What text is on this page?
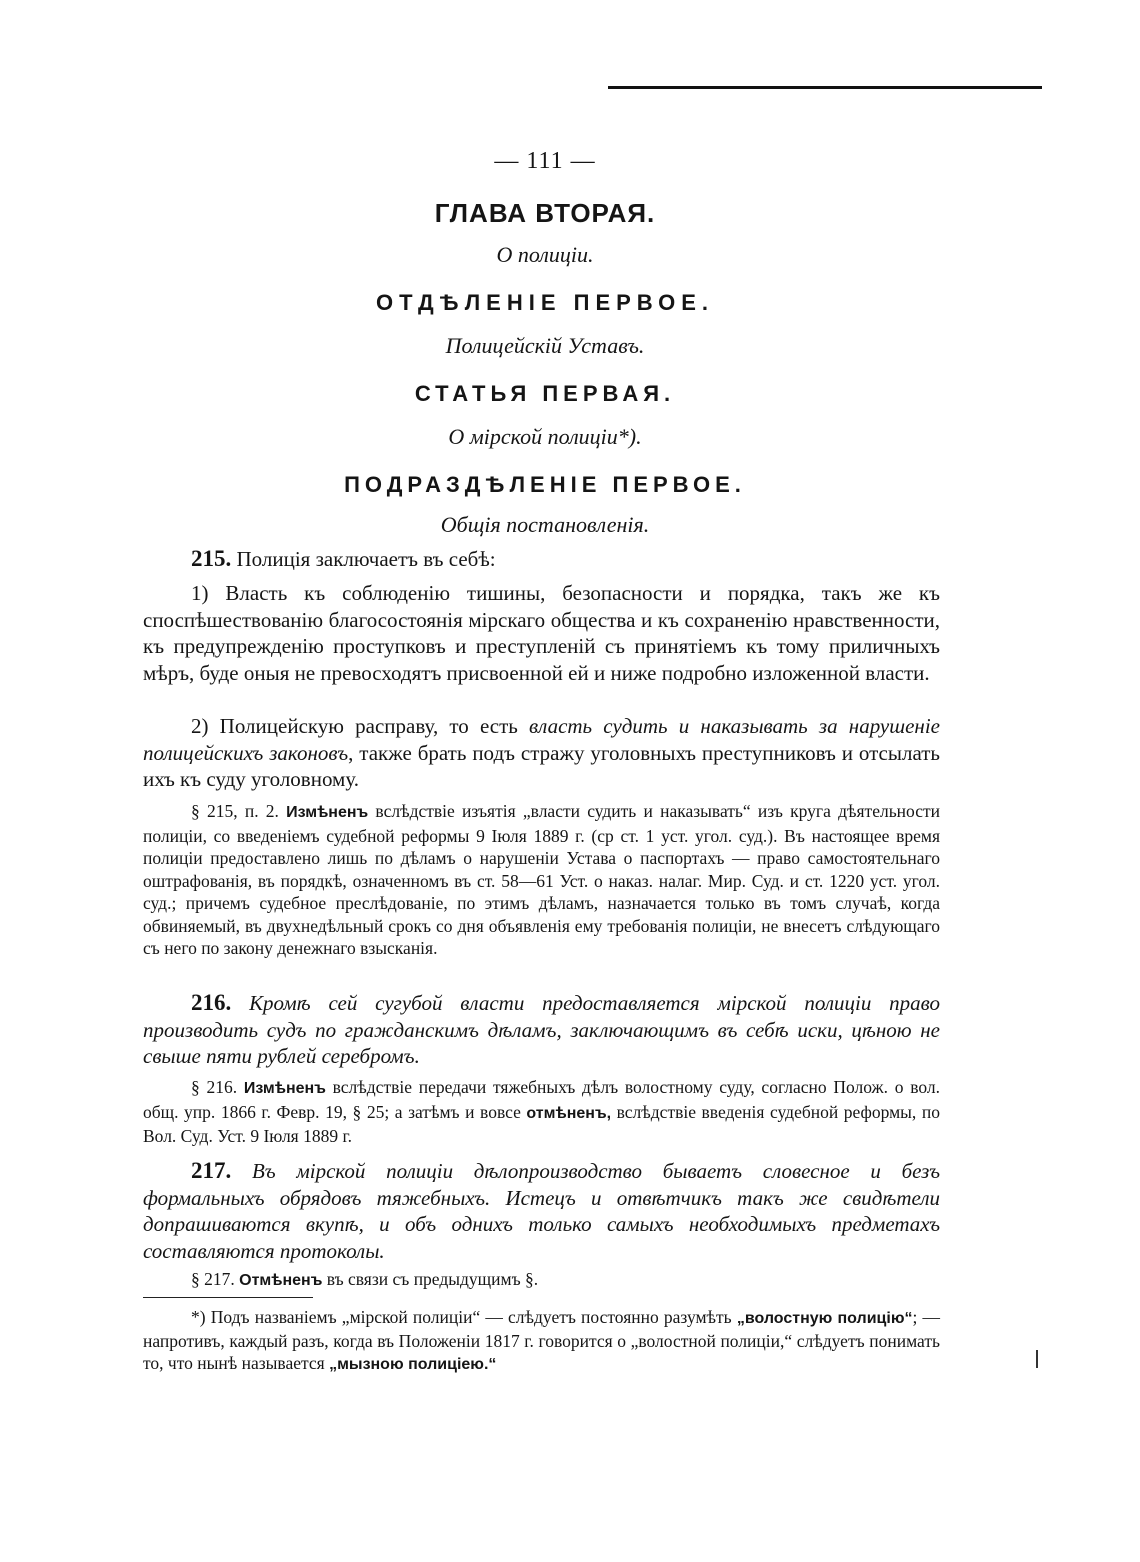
— 111 —
ГЛАВА ВТОРАЯ.
О полиціи.
ОТДѢЛЕНІЕ ПЕРВОЕ.
Полицейскій Уставъ.
СТАТЬЯ ПЕРВАЯ.
О мірской полиціи*).
ПОДРАЗДѢЛЕНІЕ ПЕРВОЕ.
Общія постановленія.

215. Полиція заключаетъ въ себѣ:

1) Власть къ соблюденію тишины, безопасности и порядка, такъ же къ споспѣшествованію благосостоянія мірскаго общества и къ сохраненію нравственности, къ предупрежденію проступковъ и преступленій съ принятіемъ къ тому приличныхъ мѣръ, буде оныя не превосходятъ присвоенной ей и ниже подробно изложенной власти.

2) Полицейскую расправу, то есть власть судить и наказывать за нарушеніе полицейскихъ законовъ, также брать подъ стражу уголовныхъ преступниковъ и отсылать ихъ къ суду уголовному.

§ 215, п. 2. Измѣненъ вслѣдствіе изъятія „власти судить и наказывать“ изъ круга дѣятельности полиціи, со введеніемъ судебной реформы 9 Іюля 1889 г. (ср ст. 1 уст. угол. суд.). Въ настоящее время полиціи предоставлено лишь по дѣламъ о нарушеніи Устава о паспортахъ — право самостоятельнаго оштрафованія, въ порядкѣ, означенномъ въ ст. 58—61 Уст. о наказ. налаг. Мир. Суд. и ст. 1220 уст. угол. суд.; причемъ судебное преслѣдованіе, по этимъ дѣламъ, назначается только въ томъ случаѣ, когда обвиняемый, въ двухнедѣльный срокъ со дня объявленія ему требованія полиціи, не внесетъ слѣдующаго съ него по закону денежнаго взысканія.

216. Кромѣ сей сугубой власти предоставляется мірской полиціи право производить судъ по гражданскимъ дѣламъ, заключающимъ въ себѣ иски, цѣною не свыше пяти рублей серебромъ.

§ 216. Измѣненъ вслѣдствіе передачи тяжебныхъ дѣлъ волостному суду, согласно Полож. о вол. общ. упр. 1866 г. Февр. 19, § 25; а затѣмъ и вовсе отмѣненъ, вслѣдствіе введенія судебной реформы, по Вол. Суд. Уст. 9 Іюля 1889 г.

217. Въ мірской полиціи дѣлопроизводство бываетъ словесное и безъ формальныхъ обрядовъ тяжебныхъ. Истецъ и отвѣтчикъ такъ же свидѣтели допрашиваются вкупѣ, и объ однихъ только самыхъ необходимыхъ предметахъ составляются протоколы.

§ 217. Отмѣненъ въ связи съ предыдущимъ §.

*) Подъ названіемъ „мірской полиціи“ — слѣдуетъ постоянно разумѣть „волостную полицію“; — напротивъ, каждый разъ, когда въ Положеніи 1817 г. говорится о „волостной полиціи,“ слѣдуетъ понимать то, что нынѣ называется „мызною полиціею.“
